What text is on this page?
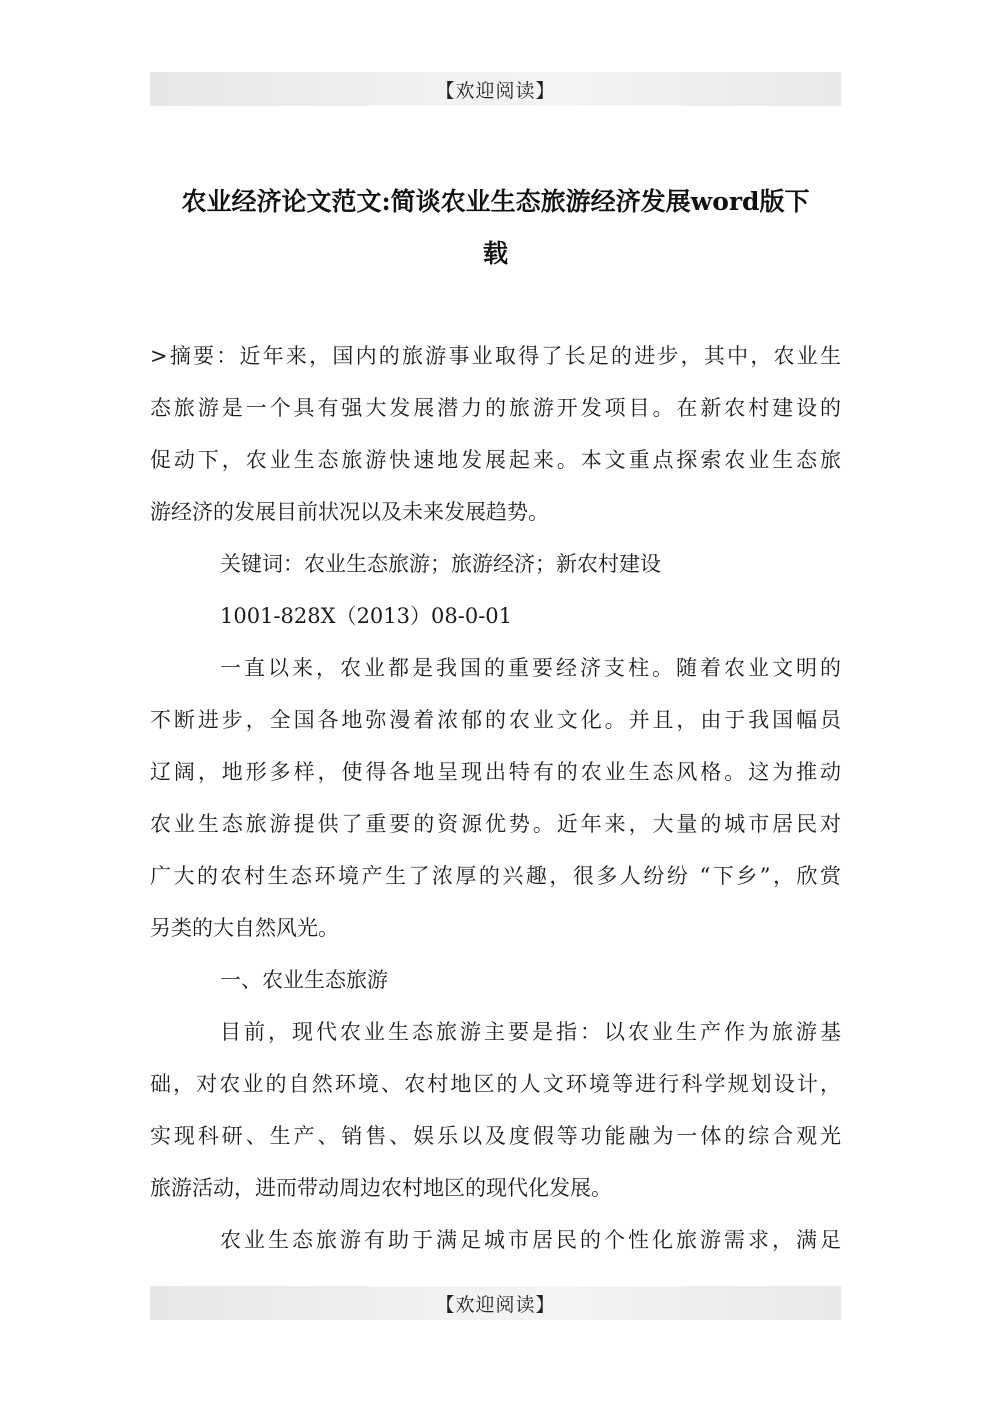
【欢迎阅读】
农业经济论文范文:简谈农业生态旅游经济发展word版下
载
>摘要：近年来，国内的旅游事业取得了长足的进步，其中，农业生
态旅游是一个具有强大发展潜力的旅游开发项目。在新农村建设的
促动下，农业生态旅游快速地发展起来。本文重点探索农业生态旅
游经济的发展目前状况以及未来发展趋势。
关键词：农业生态旅游；旅游经济；新农村建设
1001-828X（2013）08-0-01
一直以来，农业都是我国的重要经济支柱。随着农业文明的
不断进步，全国各地弥漫着浓郁的农业文化。并且，由于我国幅员
辽阔，地形多样，使得各地呈现出特有的农业生态风格。这为推动
农业生态旅游提供了重要的资源优势。近年来，大量的城市居民对
广大的农村生态环境产生了浓厚的兴趣，很多人纷纷 “下乡”，欣赏
另类的大自然风光。
一、农业生态旅游
目前，现代农业生态旅游主要是指：以农业生产作为旅游基
础，对农业的自然环境、农村地区的人文环境等进行科学规划设计，
实现科研、生产、销售、娱乐以及度假等功能融为一体的综合观光
旅游活动，进而带动周边农村地区的现代化发展。
农业生态旅游有助于满足城市居民的个性化旅游需求，满足
【欢迎阅读】
